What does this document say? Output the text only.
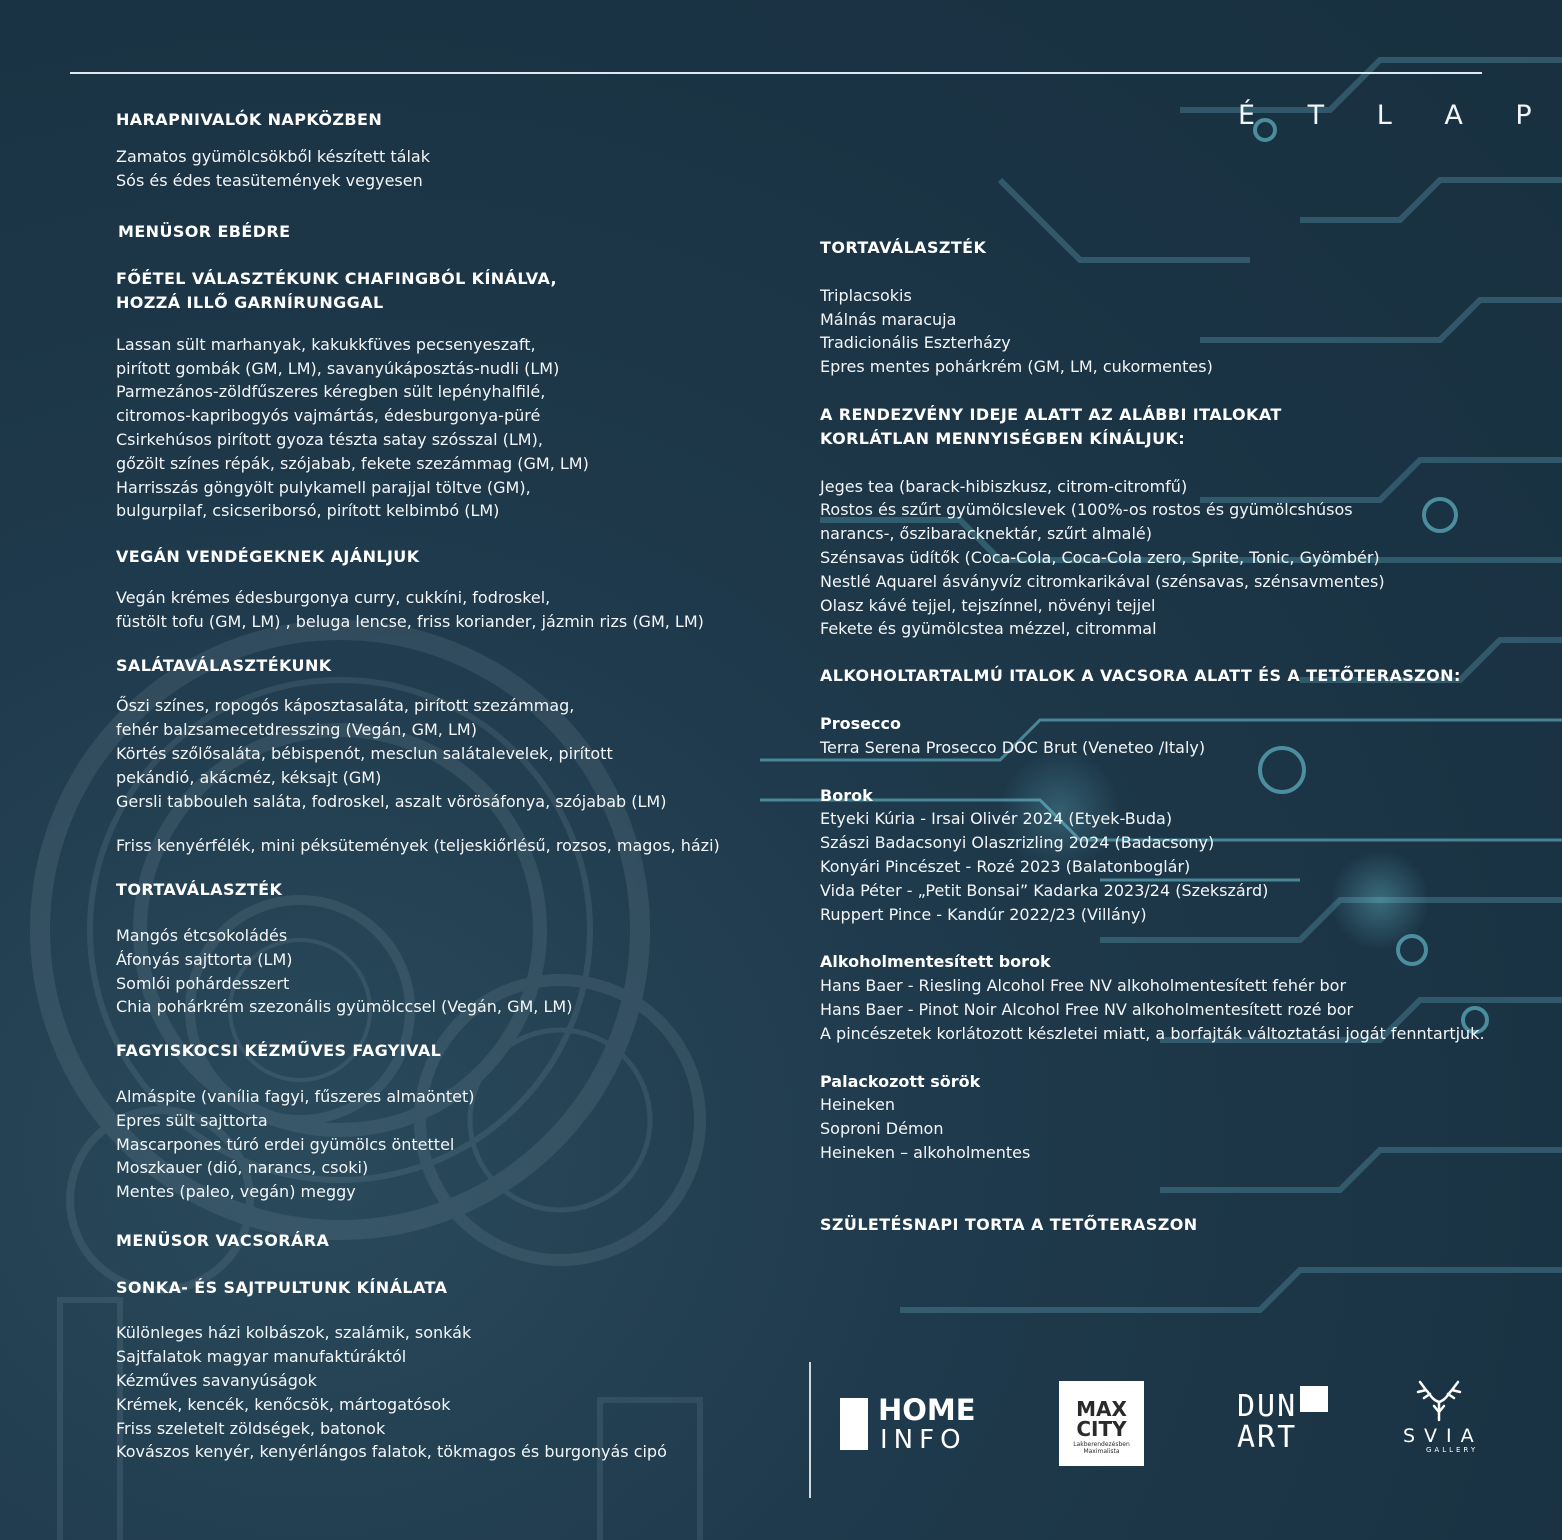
É T L A P
HARAPNIVALÓK NAPKÖZBEN
Zamatos gyümölcsökből készített tálak
Sós és édes teasütemények vegyesen
MENÜSOR EBÉDRE
FŐÉTEL VÁLASZTÉKUNK CHAFINGBÓL KÍNÁLVA,
HOZZÁ ILLŐ GARNÍRUNGGAL
Lassan sült marhanyak, kakukkfüves pecsenyeszaft,
pirított gombák (GM, LM), savanyúkáposztás-nudli (LM)
Parmezános-zöldfűszeres kéregben sült lepényhalfilé,
citromos-kapribogyós vajmártás, édesburgonya-püré
Csirkehúsos pirított gyoza tészta satay szósszal (LM),
gőzölt színes répák, szójabab, fekete szezámmag (GM, LM)
Harrisszás göngyölt pulykamell parajjal töltve (GM),
bulgurpilaf, csicseriborsó, pirított kelbimbó (LM)
VEGÁN VENDÉGEKNEK AJÁNLJUK
Vegán krémes édesburgonya curry, cukkíni, fodroskel,
füstölt tofu (GM, LM) , beluga lencse, friss koriander, jázmin rizs (GM, LM)
SALÁTAVÁLASZTÉKUNK
Őszi színes, ropogós káposztasaláta, pirított szezámmag,
fehér balzsamecetdresszing (Vegán, GM, LM)
Körtés szőlősaláta, bébispenót, mesclun salátalevelek, pirított
pekándió, akácméz, kéksajt (GM)
Gersli tabbouleh saláta, fodroskel, aszalt vörösáfonya, szójabab (LM)
Friss kenyérfélék, mini péksütemények (teljeskiőrlésű, rozsos, magos, házi)
TORTAVÁLASZTÉK
Mangós étcsokoládés
Áfonyás sajttorta (LM)
Somlói pohárdesszert
Chia pohárkrém szezonális gyümölccsel (Vegán, GM, LM)
FAGYISKOCSI KÉZMŰVES FAGYIVAL
Almáspite (vanília fagyi, fűszeres almaöntet)
Epres sült sajttorta
Mascarpones túró erdei gyümölcs öntettel
Moszkauer (dió, narancs, csoki)
Mentes (paleo, vegán) meggy
MENÜSOR VACSORÁRA
SONKA- ÉS SAJTPULTUNK KÍNÁLATA
Különleges házi kolbászok, szalámik, sonkák
Sajtfalatok magyar manufaktúráktól
Kézműves savanyúságok
Krémek, kencék, kenőcsök, mártogatósok
Friss szeletelt zöldségek, batonok
Kovászos kenyér, kenyérlángos falatok, tökmagos és burgonyás cipó
TORTAVÁLASZTÉK
Triplacsokis
Málnás maracuja
Tradicionális Eszterházy
Epres mentes pohárkrém (GM, LM, cukormentes)
A RENDEZVÉNY IDEJE ALATT AZ ALÁBBI ITALOKAT
KORLÁTLAN MENNYISÉGBEN KÍNÁLJUK:
Jeges tea (barack-hibiszkusz, citrom-citromfű)
Rostos és szűrt gyümölcslevek (100%-os rostos és gyümölcshúsos
narancs-, őszibaracknektár, szűrt almalé)
Szénsavas üdítők (Coca-Cola, Coca-Cola zero, Sprite, Tonic, Gyömbér)
Nestlé Aquarel ásványvíz citromkarikával (szénsavas, szénsavmentes)
Olasz kávé tejjel, tejszínnel, növényi tejjel
Fekete és gyümölcstea mézzel, citrommal
ALKOHOLTARTALMÚ ITALOK A VACSORA ALATT ÉS A TETŐTERASZON:
Prosecco
Terra Serena Prosecco DOC Brut (Veneteo /Italy)
Borok
Etyeki Kúria - Irsai Olivér 2024 (Etyek-Buda)
Szászi Badacsonyi Olaszrizling 2024 (Badacsony)
Konyári Pincészet - Rozé 2023 (Balatonboglár)
Vida Péter - „Petit Bonsai” Kadarka 2023/24 (Szekszárd)
Ruppert Pince - Kandúr 2022/23 (Villány)
Alkoholmentesített borok
Hans Baer - Riesling Alcohol Free NV alkoholmentesített fehér bor
Hans Baer - Pinot Noir Alcohol Free NV alkoholmentesített rozé bor
A pincészetek korlátozott készletei miatt, a borfajták változtatási jogát fenntartjuk.
Palackozott sörök
Heineken
Soproni Démon
Heineken – alkoholmentes
SZÜLETÉSNAPI TORTA A TETŐTERASZON
HOME
INFO
MAX
CITY
Lakberendezésben Maximalista
DUN
ART	SVIA
GALLERY
